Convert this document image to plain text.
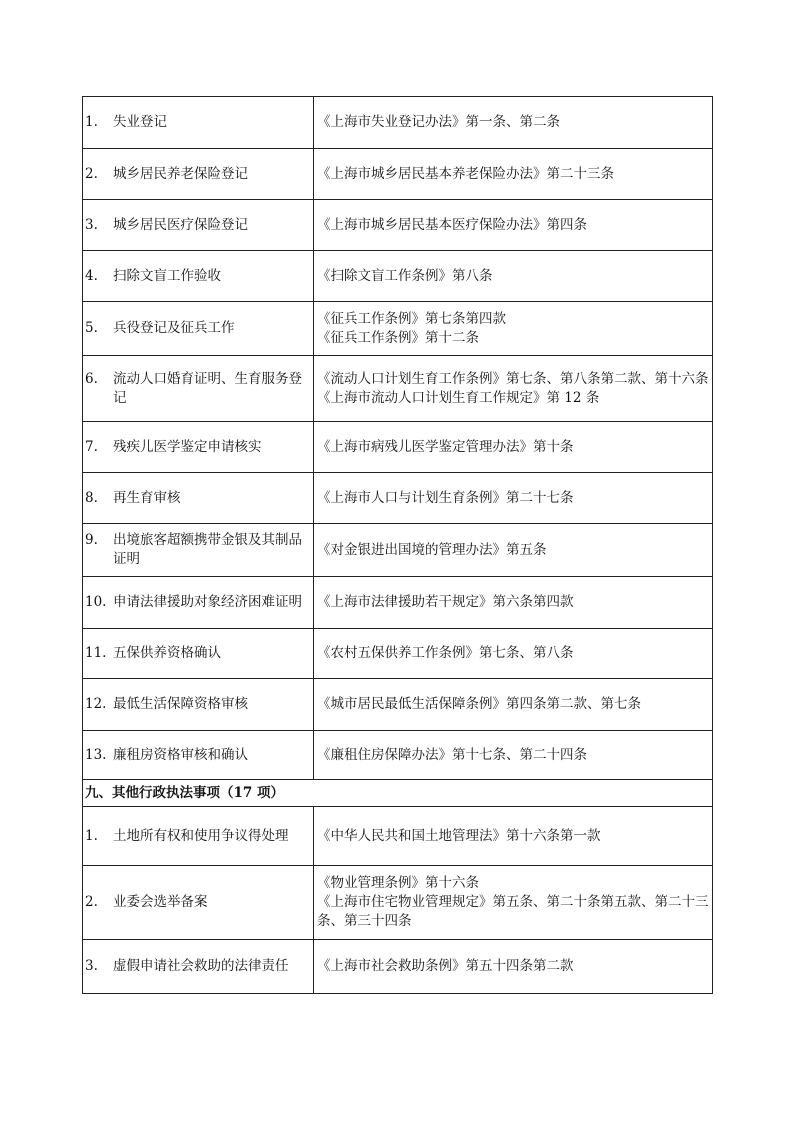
1. 失业登记	《上海市失业登记办法》第一条、第二条

2. 城乡居民养老保险登记	《上海市城乡居民基本养老保险办法》第二十三条

3. 城乡居民医疗保险登记	《上海市城乡居民基本医疗保险办法》第四条

4. 扫除文盲工作验收	《扫除文盲工作条例》第八条

5. 兵役登记及征兵工作	《征兵工作条例》第七条第四款
《征兵工作条例》第十二条

6. 流动人口婚育证明、生育服务登记	《流动人口计划生育工作条例》第七条、第八条第二款、第十六条
《上海市流动人口计划生育工作规定》第 12 条

7. 残疾儿医学鉴定申请核实	《上海市病残儿医学鉴定管理办法》第十条

8. 再生育审核	《上海市人口与计划生育条例》第二十七条

9. 出境旅客超额携带金银及其制品证明	《对金银进出国境的管理办法》第五条

10. 申请法律援助对象经济困难证明	《上海市法律援助若干规定》第六条第四款

11. 五保供养资格确认	《农村五保供养工作条例》第七条、第八条

12. 最低生活保障资格审核	《城市居民最低生活保障条例》第四条第二款、第七条

13. 廉租房资格审核和确认	《廉租住房保障办法》第十七条、第二十四条

九、其他行政执法事项（17 项）	

1. 土地所有权和使用争议得处理	《中华人民共和国土地管理法》第十六条第一款

2. 业委会选举备案	《物业管理条例》第十六条
《上海市住宅物业管理规定》第五条、第二十条第五款、第二十三条、第三十四条

3. 虚假申请社会救助的法律责任	《上海市社会救助条例》第五十四条第二款
